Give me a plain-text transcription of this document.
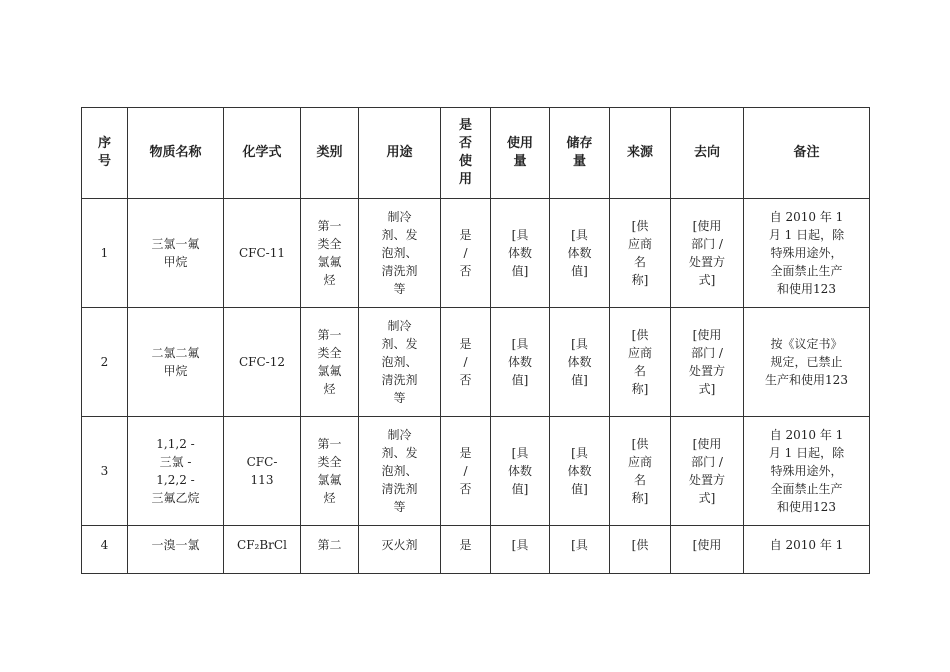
序
号	物质名称	化学式	类别	用途	是
否
使
用	使用
量	储存
量	来源	去向	备注
1	三氯一氟
甲烷	CFC-11	第一
类全
氯氟
烃	制冷
剂、发
泡剂、
清洗剂
等	是
/
否	[具
体数
值]	[具
体数
值]	[供
应商
名
称]	[使用
部门 /
处置方
式]	自 2010 年 1
月 1 日起，除
特殊用途外，
全面禁止生产
和使用123
2	二氯二氟
甲烷	CFC-12	第一
类全
氯氟
烃	制冷
剂、发
泡剂、
清洗剂
等	是
/
否	[具
体数
值]	[具
体数
值]	[供
应商
名
称]	[使用
部门 /
处置方
式]	按《议定书》
规定，已禁止
生产和使用123
3	1,1,2 -
三氯 -
1,2,2 -
三氟乙烷	CFC-
113	第一
类全
氯氟
烃	制冷
剂、发
泡剂、
清洗剂
等	是
/
否	[具
体数
值]	[具
体数
值]	[供
应商
名
称]	[使用
部门 /
处置方
式]	自 2010 年 1
月 1 日起，除
特殊用途外，
全面禁止生产
和使用123
4	一溴一氯	CF₂BrCl	第二	灭火剂	是	[具	[具	[供	[使用	自 2010 年 1
